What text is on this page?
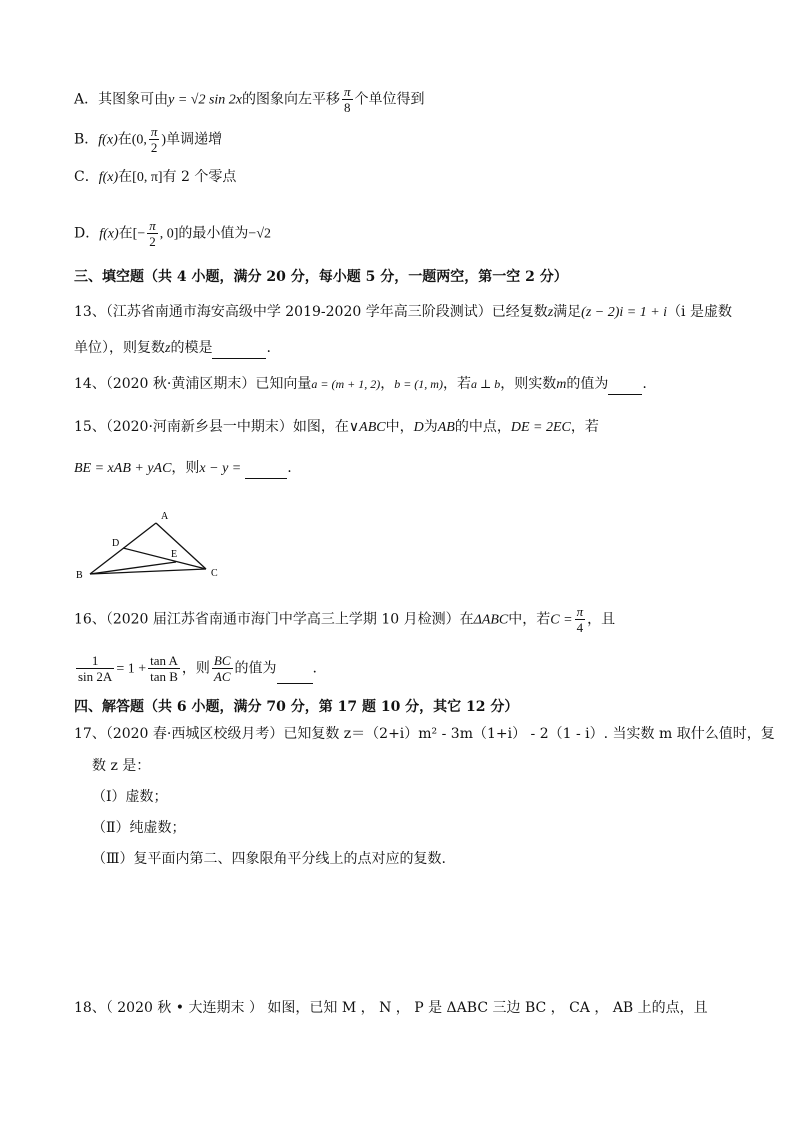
A．其图象可由y = √2 sin 2x的图象向左平移 $\frac{\pi}{8}$ 个单位得到
B．f(x)在(0, $\frac{\pi}{2}$ )单调递增
C．f(x)在[0, π]有 2 个零点
D．f(x)在[− $\frac{\pi}{2}$ , 0]的最小值为−√2
三、填空题（共 4 小题，满分 20 分，每小题 5 分，一题两空，第一空 2 分）
13、（江苏省南通市海安高级中学 2019-2020 学年高三阶段测试）已经复数z满足(z − 2)i = 1 + i（i 是虚数
单位），则复数z的模是	.
14、（2020 秋·黄浦区期末）已知向量a = (m + 1, 2)，b = (1, m)，若a ⊥ b，则实数m的值为 .
15、（2020·河南新乡县一中期末）如图，在∨ABC中，D为AB的中点，DE = 2EC，若
BE = xAB + yAC，则x − y =	.
A
D
E
B	C
16、（2020 届江苏省南通市海门中学高三上学期 10 月检测）在ΔABC中，若$C = \frac{\pi}{4}$ ，且
$\frac{1}{\sin 2A} = 1 + \frac{\text{tan A}}{\text{tan B}}$ ，则 $\frac{BC}{AC}$ 的值为	.
四、解答题（共 6 小题，满分 70 分，第 17 题 10 分，其它 12 分）
17、（2020 春·西城区校级月考）已知复数 z＝（2+i）m² - 3m（1+i） - 2（1 - i）. 当实数 m 取什么值时，复
数 z 是：
（Ⅰ）虚数；
（Ⅱ）纯虚数；
（Ⅲ）复平面内第二、四象限角平分线上的点对应的复数.
18、（ 2020 秋 • 大连期末 ） 如图，已知 M ， N ， P 是 ΔABC 三边 BC ， CA ， AB 上的点，且
